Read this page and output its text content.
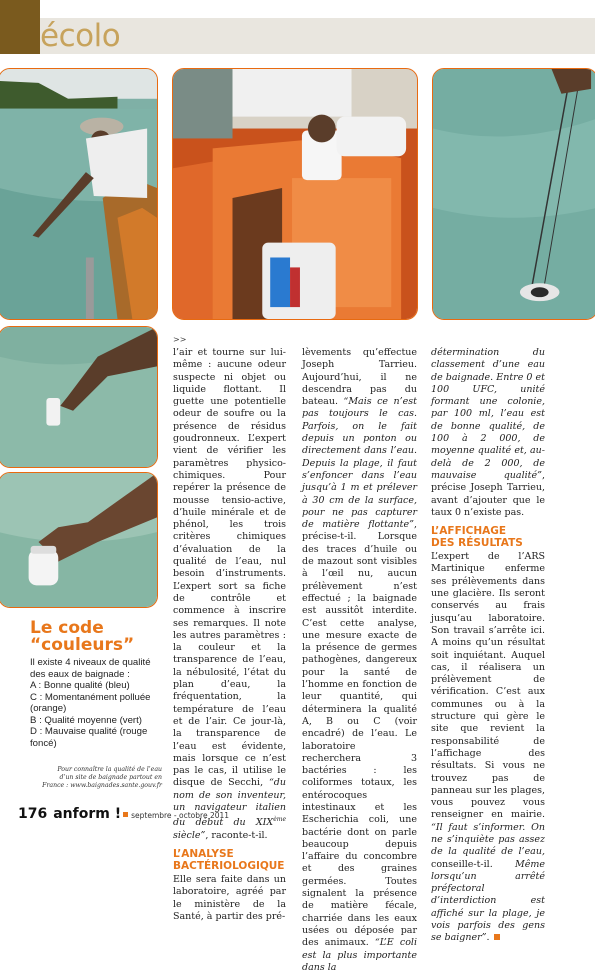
écolo
Le code
“couleurs”
Il existe 4 niveaux de qualité des eaux de baignade :
A : Bonne qualité (bleu)
C : Momentanément polluée (orange)
B : Qualité moyenne (vert)
D : Mauvaise qualité (rouge foncé)
Pour connaître la qualité de l’eau d’un site de baignade partout en France : www.baignades.sante.gouv.fr
>>

l’air et tourne sur lui-même : aucune odeur suspecte ni objet ou liquide flottant. Il guette une potentielle odeur de soufre ou la présence de résidus goudronneux. L’expert vient de vérifier les paramètres physico-chimiques. Pour repérer la présence de mousse tensio-active, d’huile minérale et de phénol, les trois critères chimiques d’évaluation de la qualité de l’eau, nul besoin d’instruments. L’expert sort sa fiche de contrôle et commence à inscrire ses remarques. Il note les autres paramètres : la couleur et la transparence de l’eau, la nébulosité, l’état du plan d’eau, la fréquentation, la température de l’eau et de l’air. Ce jour-là, la transparence de l’eau est évidente, mais lorsque ce n’est pas le cas, il utilise le disque de Secchi, “du nom de son inventeur, un navigateur italien du début du XIXème siècle”, raconte-t-il.

L’ANALYSE
BACTÉRIOLOGIQUE

Elle sera faite dans un laboratoire, agréé par le ministère de la Santé, à partir des pré-

lèvements qu’effectue Joseph Tarrieu. Aujourd’hui, il ne descendra pas du bateau. “Mais ce n’est pas toujours le cas. Parfois, on le fait depuis un ponton ou directement dans l’eau. Depuis la plage, il faut s’enfoncer dans l’eau jusqu’à 1 m et prélever à 30 cm de la surface, pour ne pas capturer de matière flottante”, précise-t-il. Lorsque des traces d’huile ou de mazout sont visibles à l’œil nu, aucun prélèvement n’est effectué ; la baignade est aussitôt interdite. C’est cette analyse, une mesure exacte de la présence de germes pathogènes, dangereux pour la santé de l’homme en fonction de leur quantité, qui déterminera la qualité A, B ou C (voir encadré) de l’eau. Le laboratoire recherchera 3 bactéries : les coliformes totaux, les entérocoques intestinaux et les Escherichia coli, une bactérie dont on parle beaucoup depuis l’affaire du concombre et des graines germées. Toutes signalent la présence de matière fécale, charriée dans les eaux usées ou déposée par des animaux. “L’E coli est la plus importante dans la

détermination du classement d’une eau de baignade. Entre 0 et 100 UFC, unité formant une colonie, par 100 ml, l’eau est de bonne qualité, de 100 à 2 000, de moyenne qualité et, au-delà de 2 000, de mauvaise qualité”, précise Joseph Tarrieu, avant d’ajouter que le taux 0 n’existe pas.

L’AFFICHAGE
DES RÉSULTATS

L’expert de l’ARS Martinique enferme ses prélèvements dans une glacière. Ils seront conservés au frais jusqu’au laboratoire. Son travail s’arrête ici. A moins qu’un résultat soit inquiétant. Auquel cas, il réalisera un prélèvement de vérification. C’est aux communes ou à la structure qui gère le site que revient la responsabilité de l’affichage des résultats. Si vous ne trouvez pas de panneau sur les plages, vous pouvez vous renseigner en mairie. “Il faut s’informer. On ne s’inquiète pas assez de la qualité de l’eau, conseille-t-il. Même lorsqu’un arrêté préfectoral d’interdiction est affiché sur la plage, je vois parfois des gens se baigner”.

176 anform ! septembre - octobre 2011
